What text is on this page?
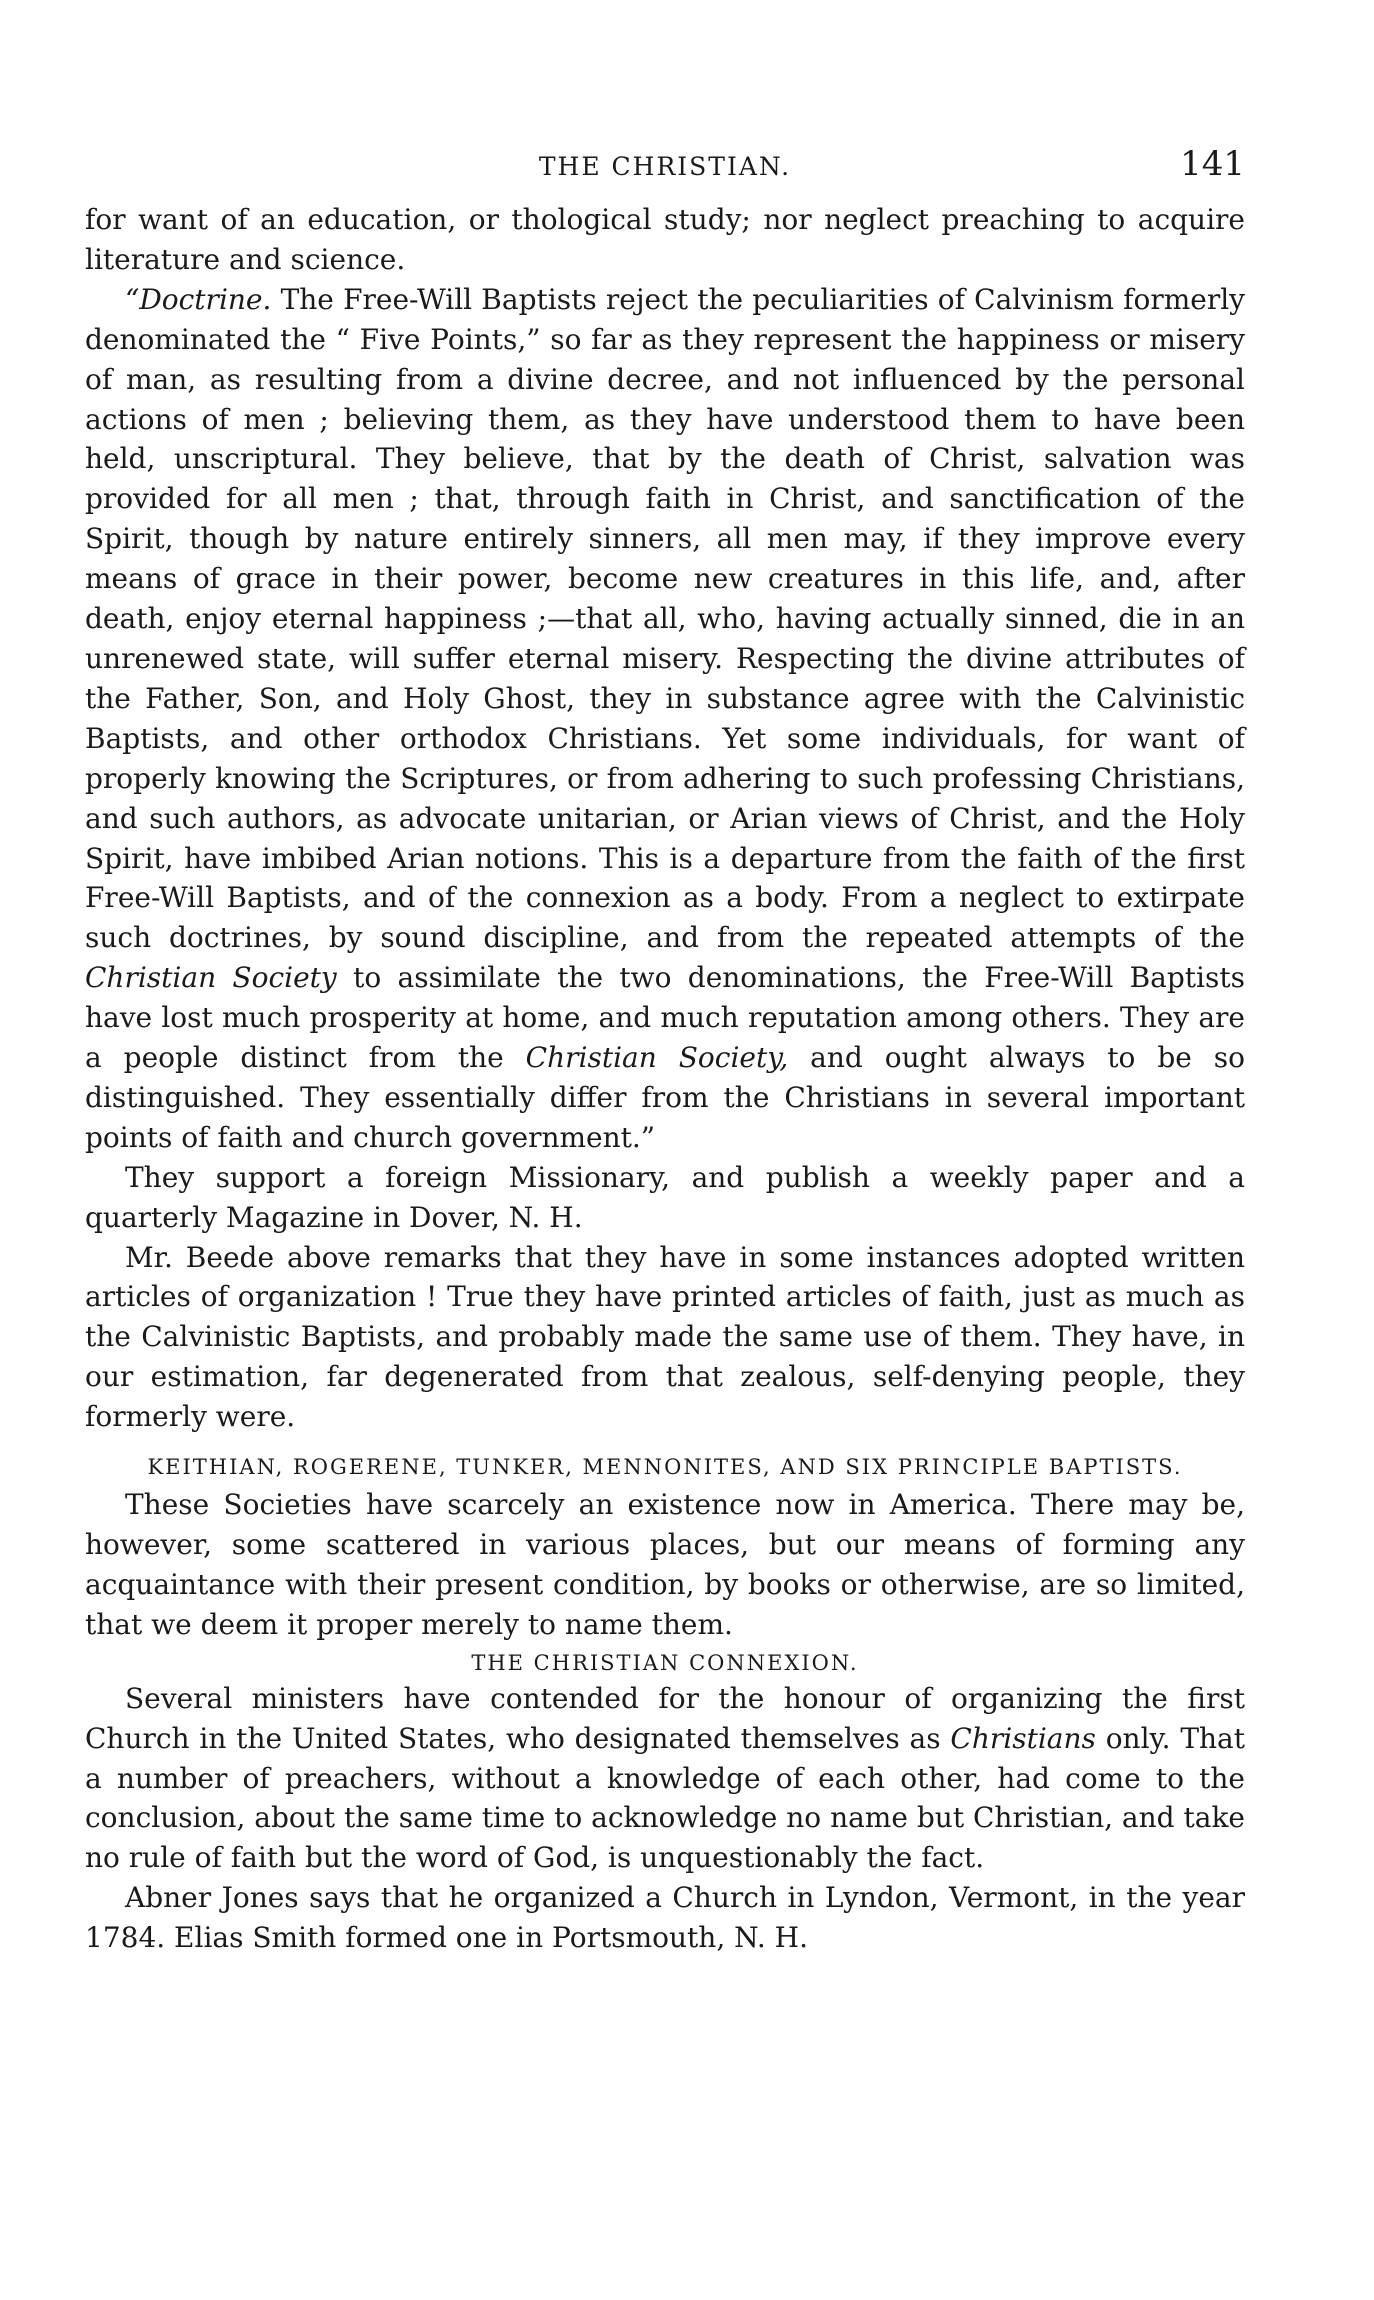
THE CHRISTIAN.	141

for want of an education, or thological study; nor neglect preaching to acquire literature and science.

“Doctrine. The Free-Will Baptists reject the peculiarities of Calvinism formerly denominated the “ Five Points,” so far as they represent the happiness or misery of man, as resulting from a divine decree, and not influenced by the personal actions of men ; believing them, as they have understood them to have been held, unscriptural. They believe, that by the death of Christ, salvation was provided for all men ; that, through faith in Christ, and sanctification of the Spirit, though by nature entirely sinners, all men may, if they improve every means of grace in their power, become new creatures in this life, and, after death, enjoy eternal happiness ;—that all, who, having actually sinned, die in an unrenewed state, will suffer eternal misery. Respecting the divine attributes of the Father, Son, and Holy Ghost, they in substance agree with the Calvinistic Baptists, and other orthodox Christians. Yet some individuals, for want of properly knowing the Scriptures, or from adhering to such professing Christians, and such authors, as advocate unitarian, or Arian views of Christ, and the Holy Spirit, have imbibed Arian notions. This is a departure from the faith of the first Free-Will Baptists, and of the connexion as a body. From a neglect to extirpate such doctrines, by sound discipline, and from the repeated attempts of the Christian Society to assimilate the two denominations, the Free-Will Baptists have lost much prosperity at home, and much reputation among others. They are a people distinct from the Christian Society, and ought always to be so distinguished. They essentially differ from the Christians in several important points of faith and church government.”

They support a foreign Missionary, and publish a weekly paper and a quarterly Magazine in Dover, N. H.

Mr. Beede above remarks that they have in some instances adopted written articles of organization ! True they have printed articles of faith, just as much as the Calvinistic Baptists, and probably made the same use of them. They have, in our estimation, far degenerated from that zealous, self-denying people, they formerly were.

KEITHIAN, ROGERENE, TUNKER, MENNONITES, AND SIX PRINCIPLE BAPTISTS.

These Societies have scarcely an existence now in America. There may be, however, some scattered in various places, but our means of forming any acquaintance with their present condition, by books or otherwise, are so limited, that we deem it proper merely to name them.

THE CHRISTIAN CONNEXION.

Several ministers have contended for the honour of organizing the first Church in the United States, who designated themselves as Christians only. That a number of preachers, without a knowledge of each other, had come to the conclusion, about the same time to acknowledge no name but Christian, and take no rule of faith but the word of God, is unquestionably the fact.

Abner Jones says that he organized a Church in Lyndon, Vermont, in the year 1784. Elias Smith formed one in Portsmouth, N. H.
